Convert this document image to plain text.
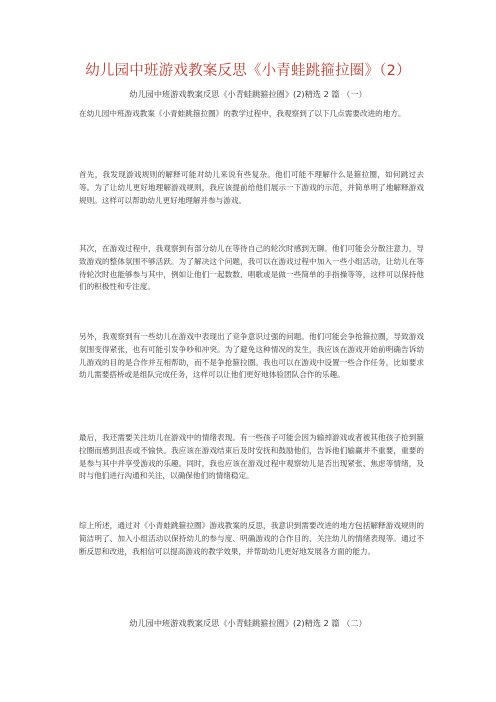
幼儿园中班游戏教案反思《小青蛙跳箍拉圈》（2）

幼儿园中班游戏教案反思《小青蛙跳箍拉圈》(2)精选 2 篇 （一）

在幼儿园中班游戏教案《小青蛙跳箍拉圈》的教学过程中，我观察到了以下几点需要改进的地方。

首先，我发现游戏规则的解释可能对幼儿来说有些复杂。他们可能不理解什么是箍拉圈，如何跳过去等。为了让幼儿更好地理解游戏规则，我应该提前给他们展示一下游戏的示范，并简单明了地解释游戏规则。这样可以帮助幼儿更好地理解并参与游戏。

其次，在游戏过程中，我观察到有部分幼儿在等待自己的轮次时感到无聊。他们可能会分散注意力，导致游戏的整体氛围不够活跃。为了解决这个问题，我可以在游戏过程中加入一些小组活动，让幼儿在等待轮次时也能够参与其中，例如让他们一起数数、唱歌或是做一些简单的手指操等等，这样可以保持他们的积极性和专注度。

另外，我观察到有一些幼儿在游戏中表现出了竞争意识过强的问题。他们可能会争抢箍拉圈，导致游戏氛围变得紧张，也有可能引发争吵和冲突。为了避免这种情况的发生，我应该在游戏开始前明确告诉幼儿游戏的目的是合作并互相帮助，而不是争抢箍拉圈。我也可以在游戏中设置一些合作任务，比如要求幼儿需要搭桥或是组队完成任务，这样可以让他们更好地体验团队合作的乐趣。

最后，我还需要关注幼儿在游戏中的情绪表现。有一些孩子可能会因为输掉游戏或者被其他孩子抢到箍拉圈而感到沮丧或不愉快。我应该在游戏结束后及时安抚和鼓励他们，告诉他们输赢并不重要，重要的是参与其中并享受游戏的乐趣。同时，我也应该在游戏过程中观察幼儿是否出现紧张、焦虑等情绪，及时与他们进行沟通和关注，以确保他们的情绪稳定。

综上所述，通过对《小青蛙跳箍拉圈》游戏教案的反思，我意识到需要改进的地方包括解释游戏规则的简洁明了、加入小组活动以保持幼儿的参与度、明确游戏的合作目的、关注幼儿的情绪表现等。通过不断反思和改进，我相信可以提高游戏的教学效果，并帮助幼儿更好地发展各方面的能力。

幼儿园中班游戏教案反思《小青蛙跳箍拉圈》(2)精选 2 篇 （二）
